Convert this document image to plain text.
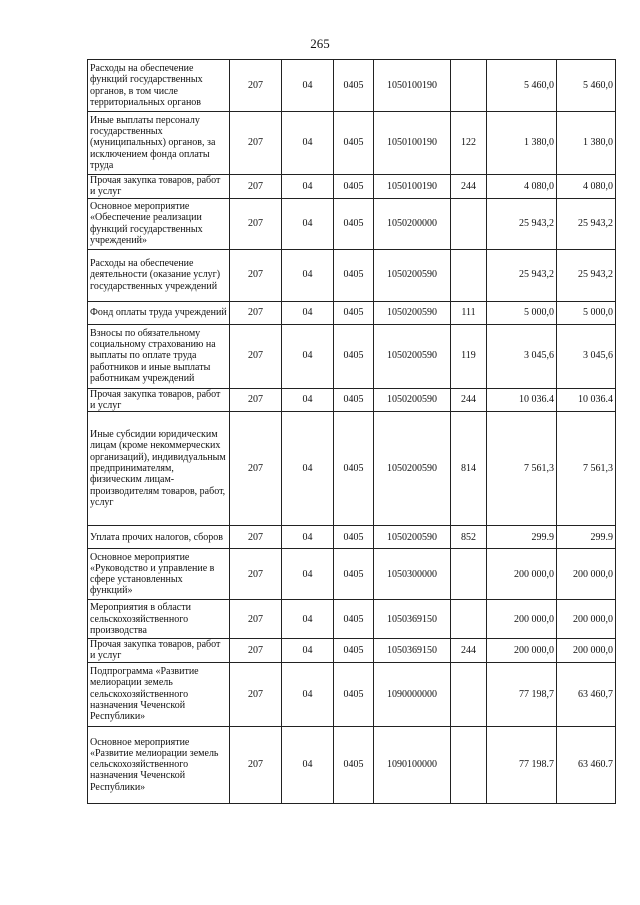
265
Расходы на обеспечение функций государственных органов, в том числе территориальных органов	207	04	0405	1050100190		5 460,0	5 460,0
Иные выплаты персоналу государственных (муниципальных) органов, за исключением фонда оплаты труда	207	04	0405	1050100190	122	1 380,0	1 380,0
Прочая закупка товаров, работ и услуг	207	04	0405	1050100190	244	4 080,0	4 080,0
Основное мероприятие «Обеспечение реализации функций государственных учреждений»	207	04	0405	1050200000		25 943,2	25 943,2
Расходы на обеспечение деятельности (оказание услуг) государственных учреждений	207	04	0405	1050200590		25 943,2	25 943,2
Фонд оплаты труда учреждений	207	04	0405	1050200590	111	5 000,0	5 000,0
Взносы по обязательному социальному страхованию на выплаты по оплате труда работников и иные выплаты работникам учреждений	207	04	0405	1050200590	119	3 045,6	3 045,6
Прочая закупка товаров, работ и услуг	207	04	0405	1050200590	244	10 036.4	10 036.4
Иные субсидии юридическим лицам (кроме некоммерческих организаций), индивидуальным предпринимателям, физическим лицам-производителям товаров, работ, услуг	207	04	0405	1050200590	814	7 561,3	7 561,3
Уплата прочих налогов, сборов	207	04	0405	1050200590	852	299.9	299.9
Основное мероприятие «Руководство и управление в сфере установленных функций»	207	04	0405	1050300000		200 000,0	200 000,0
Мероприятия в области сельскохозяйственного производства	207	04	0405	1050369150		200 000,0	200 000,0
Прочая закупка товаров, работ и услуг	207	04	0405	1050369150	244	200 000,0	200 000,0
Подпрограмма «Развитие мелиорации земель сельскохозяйственного назначения Чеченской Республики»	207	04	0405	1090000000		77 198,7	63 460,7
Основное мероприятие «Развитие мелиорации земель сельскохозяйственного назначения Чеченской Республики»	207	04	0405	1090100000		77 198.7	63 460.7
